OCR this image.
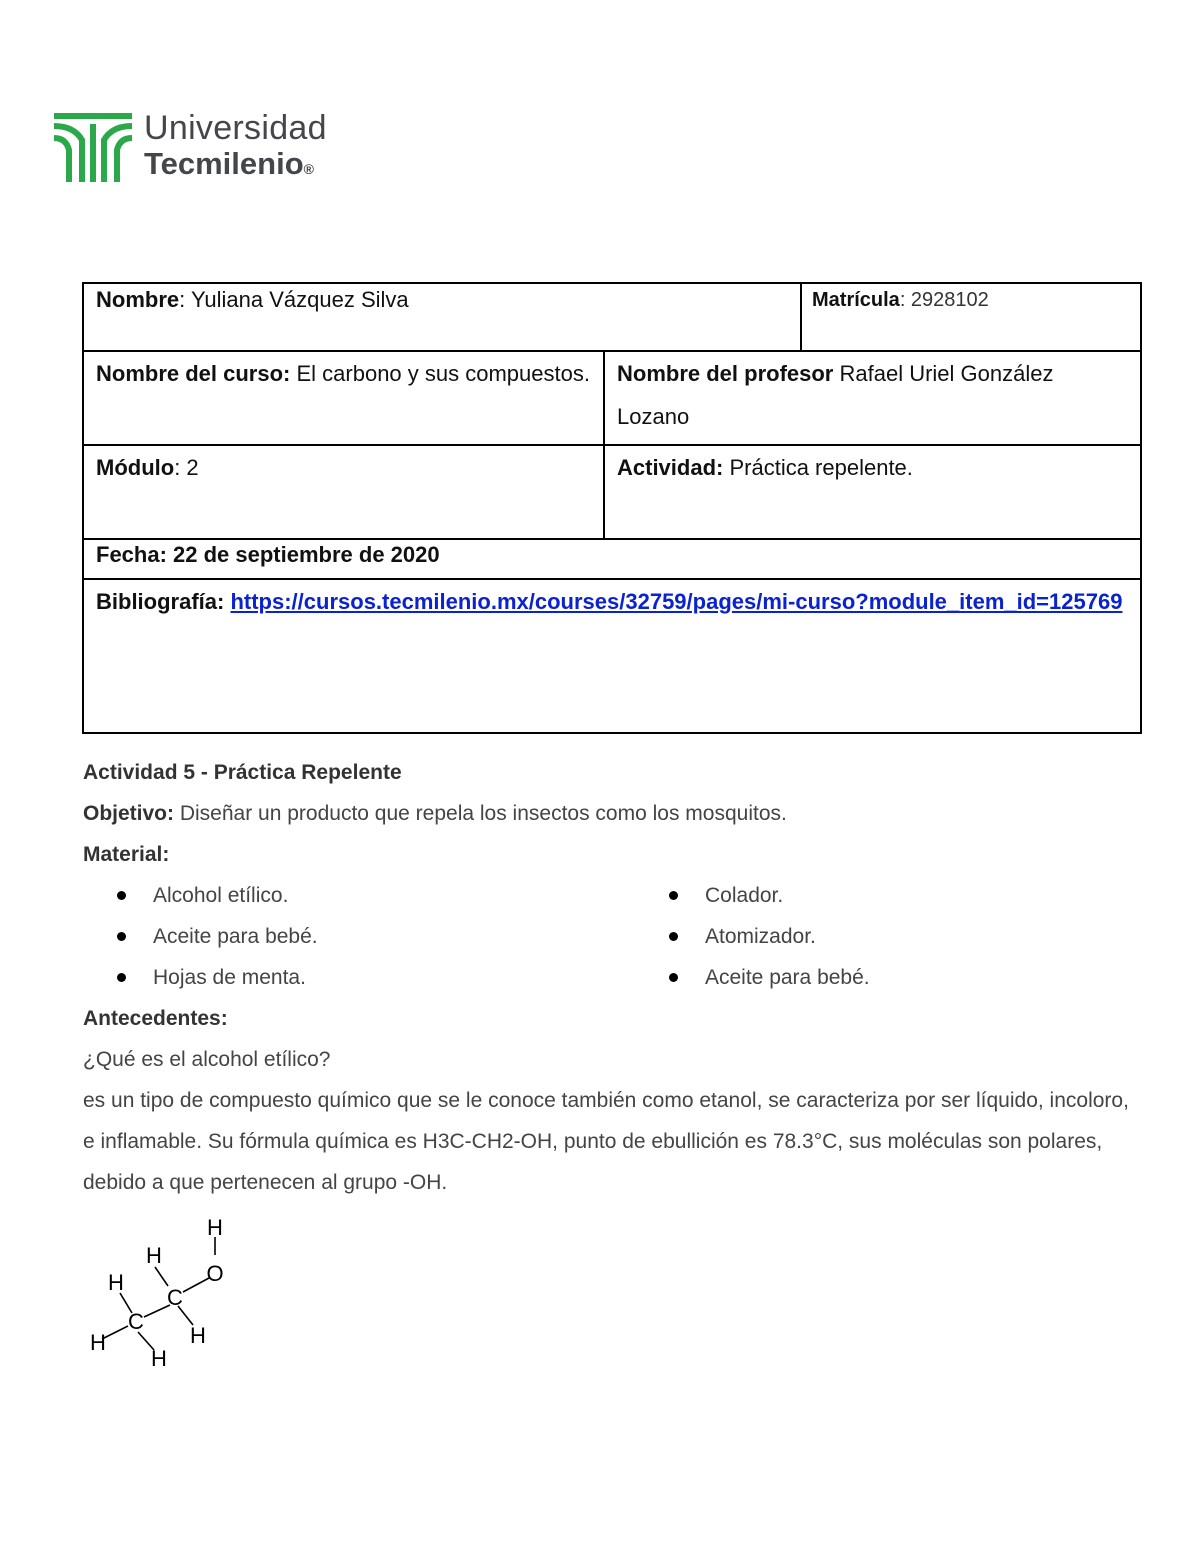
Universidad
Tecmilenio®
Nombre: Yuliana Vázquez Silva	Matrícula: 2928102

Nombre del curso: El carbono y sus compuestos.	Nombre del profesor Rafael Uriel González Lozano

Módulo: 2	Actividad: Práctica repelente.

Fecha: 22 de septiembre de 2020
Bibliografía: https://cursos.tecmilenio.mx/courses/32759/pages/mi-curso?module_item_id=125769

Actividad 5 - Práctica Repelente

Objetivo: Diseñar un producto que repela los insectos como los mosquitos.

Material:

Alcohol etílico.
Aceite para bebé.
Hojas de menta.
Colador.
Atomizador.
Aceite para bebé.

Antecedentes:

¿Qué es el alcohol etílico?

es un tipo de compuesto químico que se le conoce también como etanol, se caracteriza por ser líquido, incoloro, e inflamable. Su fórmula química es H3C-CH2-OH, punto de ebullición es 78.3°C, sus moléculas son polares, debido a que pertenecen al grupo -OH.

H
H
O
H
C
C
H
H
H
